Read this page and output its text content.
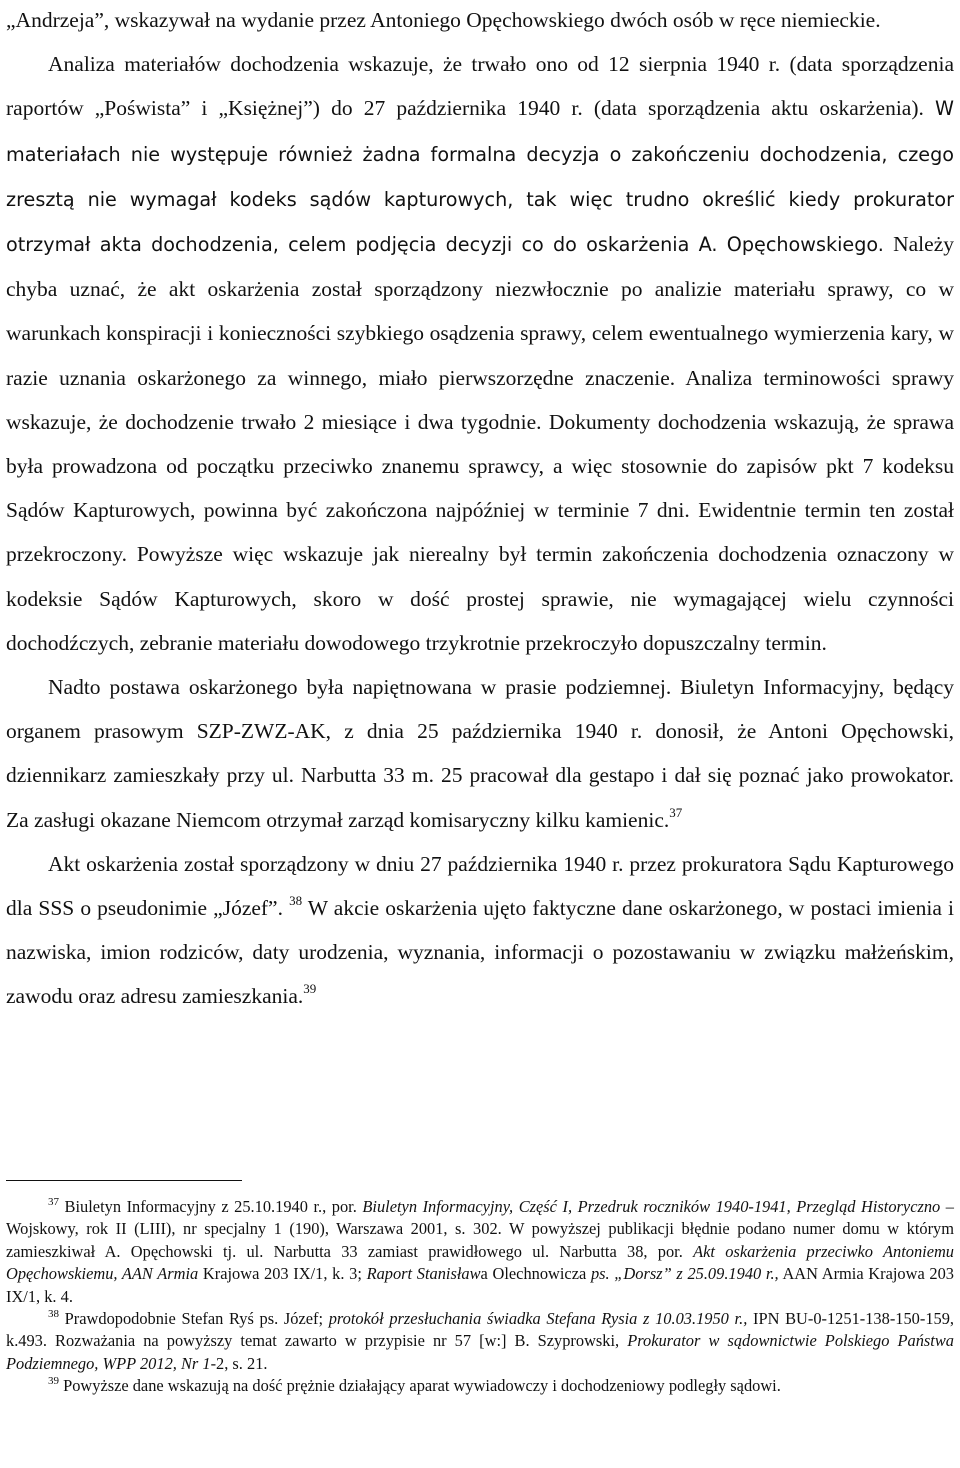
„Andrzeja”, wskazywał na wydanie przez Antoniego Opęchowskiego dwóch osób w ręce niemieckie.

Analiza materiałów dochodzenia wskazuje, że trwało ono od 12 sierpnia 1940 r. (data sporządzenia raportów „Pośwista” i „Księżnej”) do 27 października 1940 r. (data sporządzenia aktu oskarżenia). W materiałach nie występuje również żadna formalna decyzja o zakończeniu dochodzenia, czego zresztą nie wymagał kodeks sądów kapturowych, tak więc trudno określić kiedy prokurator otrzymał akta dochodzenia, celem podjęcia decyzji co do oskarżenia A. Opęchowskiego. Należy chyba uznać, że akt oskarżenia został sporządzony niezwłocznie po analizie materiału sprawy, co w warunkach konspiracji i konieczności szybkiego osądzenia sprawy, celem ewentualnego wymierzenia kary, w razie uznania oskarżonego za winnego, miało pierwszorzędne znaczenie. Analiza terminowości sprawy wskazuje, że dochodzenie trwało 2 miesiące i dwa tygodnie. Dokumenty dochodzenia wskazują, że sprawa była prowadzona od początku przeciwko znanemu sprawcy, a więc stosownie do zapisów pkt 7 kodeksu Sądów Kapturowych, powinna być zakończona najpóźniej w terminie 7 dni. Ewidentnie termin ten został przekroczony. Powyższe więc wskazuje jak nierealny był termin zakończenia dochodzenia oznaczony w kodeksie Sądów Kapturowych, skoro w dość prostej sprawie, nie wymagającej wielu czynności dochodźczych, zebranie materiału dowodowego trzykrotnie przekroczyło dopuszczalny termin.

Nadto postawa oskarżonego była napiętnowana w prasie podziemnej. Biuletyn Informacyjny, będący organem prasowym SZP-ZWZ-AK, z dnia 25 października 1940 r. donosił, że Antoni Opęchowski, dziennikarz zamieszkały przy ul. Narbutta 33 m. 25 pracował dla gestapo i dał się poznać jako prowokator. Za zasługi okazane Niemcom otrzymał zarząd komisaryczny kilku kamienic.$^{37}$

Akt oskarżenia został sporządzony w dniu 27 października 1940 r. przez prokuratora Sądu Kapturowego dla SSS o pseudonimie „Józef”. $^{38}$ W akcie oskarżenia ujęto faktyczne dane oskarżonego, w postaci imienia i nazwiska, imion rodziców, daty urodzenia, wyznania, informacji o pozostawaniu w związku małżeńskim, zawodu oraz adresu zamieszkania.$^{39}$

$^{37}$ Biuletyn Informacyjny z 25.10.1940 r., por. Biuletyn Informacyjny, Część I, Przedruk roczników 1940-1941, Przegląd Historyczno – Wojskowy, rok II (LIII), nr specjalny 1 (190), Warszawa 2001, s. 302. W powyższej publikacji błędnie podano numer domu w którym zamieszkiwał A. Opęchowski tj. ul. Narbutta 33 zamiast prawidłowego ul. Narbutta 38, por. Akt oskarżenia przeciwko Antoniemu Opęchowskiemu, AAN Armia Krajowa 203 IX/1, k. 3; Raport Stanisława Olechnowicza ps. „Dorsz” z 25.09.1940 r., AAN Armia Krajowa 203 IX/1, k. 4.

$^{38}$ Prawdopodobnie Stefan Ryś ps. Józef; protokół przesłuchania świadka Stefana Rysia z 10.03.1950 r., IPN BU-0-1251-138-150-159, k.493. Rozważania na powyższy temat zawarto w przypisie nr 57 [w:] B. Szyprowski, Prokurator w sądownictwie Polskiego Państwa Podziemnego, WPP 2012, Nr 1-2, s. 21.

$^{39}$ Powyższe dane wskazują na dość prężnie działający aparat wywiadowczy i dochodzeniowy podległy sądowi.
